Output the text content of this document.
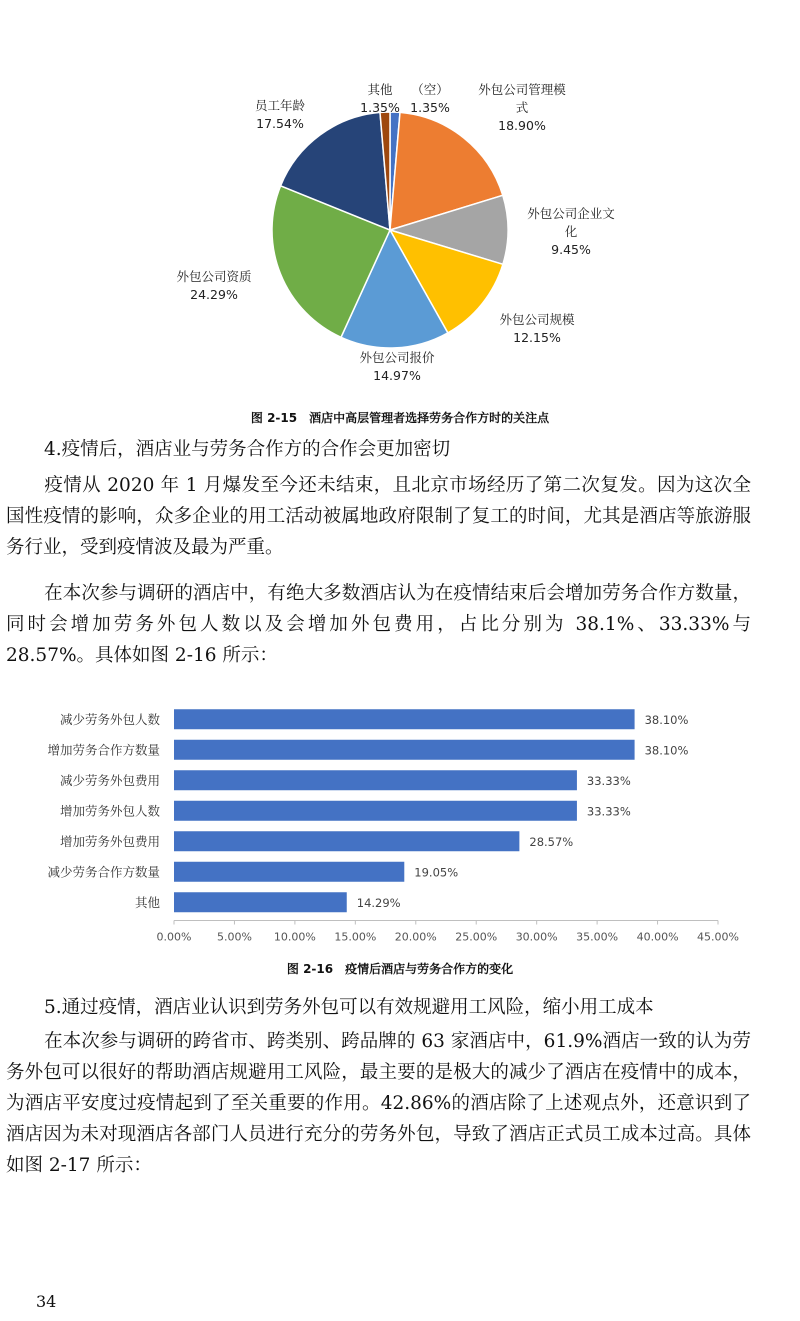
（空） 1.35%
外包公司管理模式 18.90%
外包公司企业文化 9.45%
外包公司规模 12.15%
外包公司报价 14.97%
外包公司资质 24.29%
员工年龄 17.54%
其他 1.35%
图 2-15　酒店中高层管理者选择劳务合作方时的关注点
4.疫情后，酒店业与劳务合作方的合作会更加密切
疫情从 2020 年 1 月爆发至今还未结束，且北京市场经历了第二次复发。因为这次全国性疫情的影响，众多企业的用工活动被属地政府限制了复工的时间，尤其是酒店等旅游服务行业，受到疫情波及最为严重。
在本次参与调研的酒店中，有绝大多数酒店认为在疫情结束后会增加劳务合作方数量，同时会增加劳务外包人数以及会增加外包费用，占比分别为 38.1%、33.33%与 28.57%。具体如图 2-16 所示：
减少劳务外包人数	38.10%
增加劳务合作方数量	38.10%
减少劳务外包费用	33.33%
增加劳务外包人数	33.33%
增加劳务外包费用	28.57%
减少劳务合作方数量	19.05%
其他	14.29%
0.00% 5.00% 10.00% 15.00% 20.00% 25.00% 30.00% 35.00% 40.00% 45.00%
图 2-16　疫情后酒店与劳务合作方的变化
5.通过疫情，酒店业认识到劳务外包可以有效规避用工风险，缩小用工成本
在本次参与调研的跨省市、跨类别、跨品牌的 63 家酒店中，61.9%酒店一致的认为劳务外包可以很好的帮助酒店规避用工风险，最主要的是极大的减少了酒店在疫情中的成本，为酒店平安度过疫情起到了至关重要的作用。42.86%的酒店除了上述观点外，还意识到了酒店因为未对现酒店各部门人员进行充分的劳务外包，导致了酒店正式员工成本过高。具体如图 2-17 所示：
34
